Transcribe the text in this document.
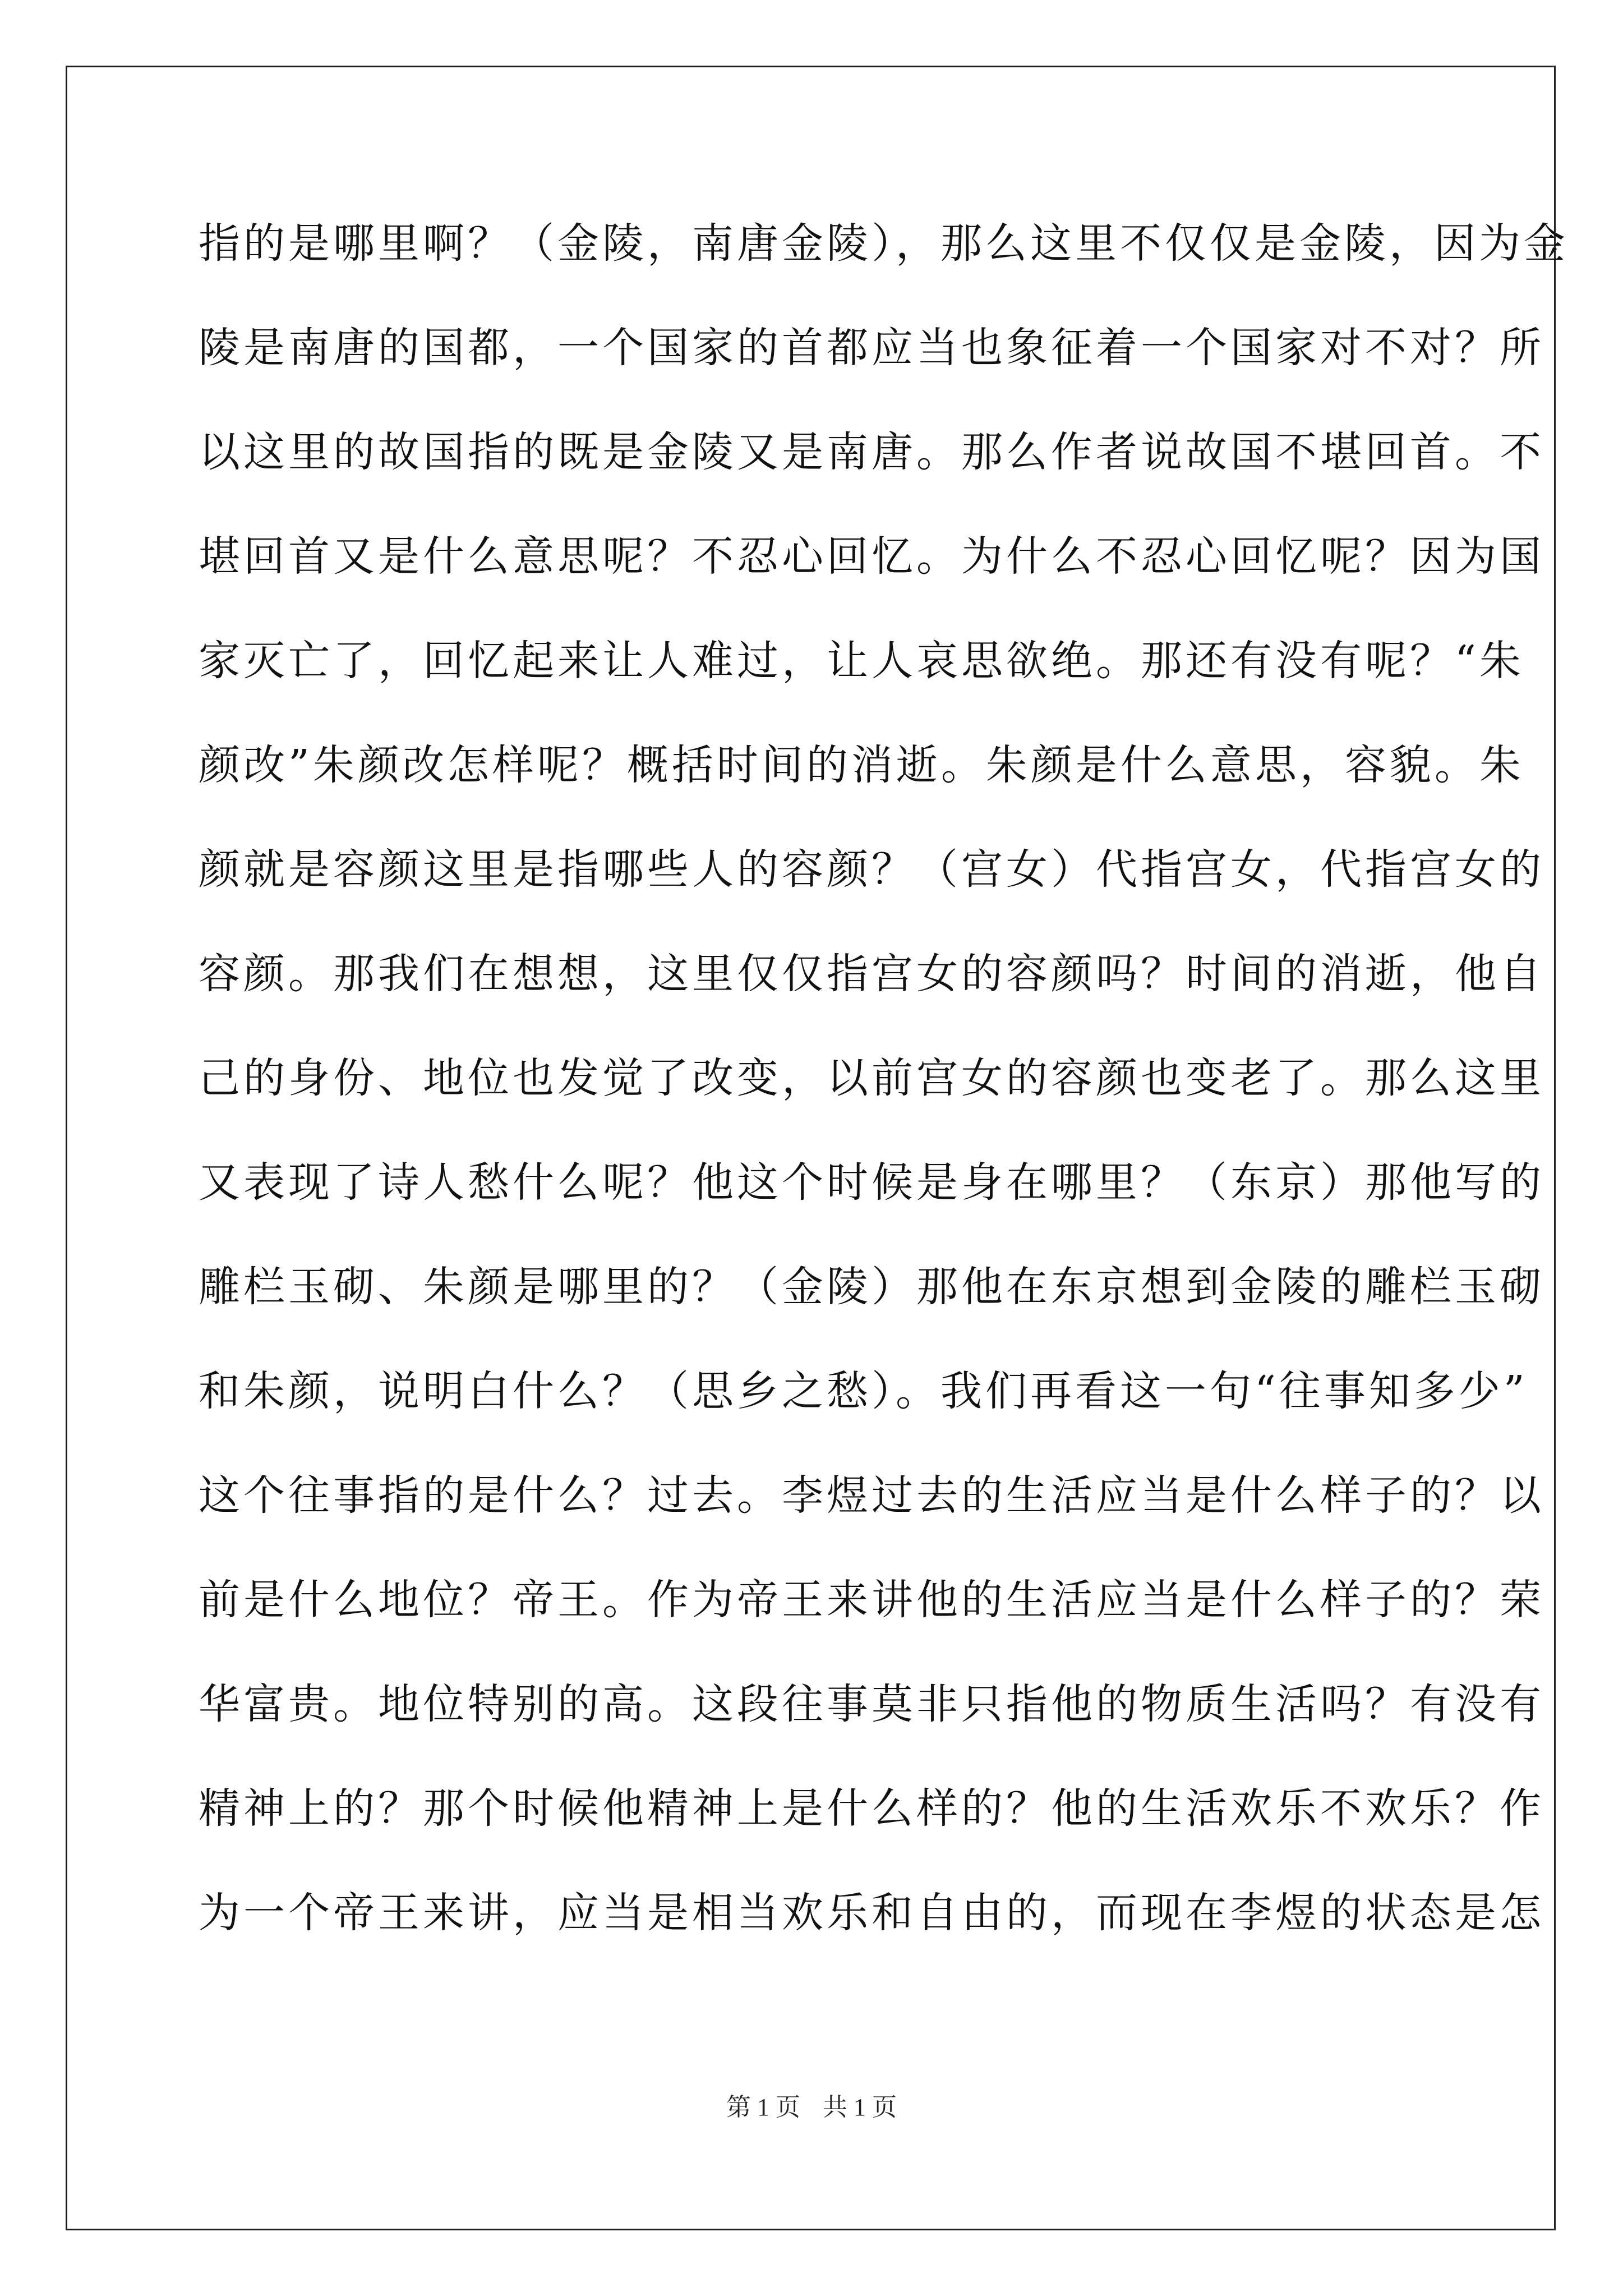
指的是哪里啊？（金陵，南唐金陵），那么这里不仅仅是金陵，因为金
陵是南唐的国都，一个国家的首都应当也象征着一个国家对不对？所
以这里的故国指的既是金陵又是南唐。那么作者说故国不堪回首。不
堪回首又是什么意思呢？不忍心回忆。为什么不忍心回忆呢？因为国
家灭亡了，回忆起来让人难过，让人哀思欲绝。那还有没有呢？“朱
颜改”朱颜改怎样呢？概括时间的消逝。朱颜是什么意思，容貌。朱
颜就是容颜这里是指哪些人的容颜？（宫女）代指宫女，代指宫女的
容颜。那我们在想想，这里仅仅指宫女的容颜吗？时间的消逝，他自
己的身份、地位也发觉了改变，以前宫女的容颜也变老了。那么这里
又表现了诗人愁什么呢？他这个时候是身在哪里？（东京）那他写的
雕栏玉砌、朱颜是哪里的？（金陵）那他在东京想到金陵的雕栏玉砌
和朱颜，说明白什么？（思乡之愁）。我们再看这一句“往事知多少”
这个往事指的是什么？过去。李煜过去的生活应当是什么样子的？以
前是什么地位？帝王。作为帝王来讲他的生活应当是什么样子的？荣
华富贵。地位特别的高。这段往事莫非只指他的物质生活吗？有没有
精神上的？那个时候他精神上是什么样的？他的生活欢乐不欢乐？作
为一个帝王来讲，应当是相当欢乐和自由的，而现在李煜的状态是怎
第 1 页 共 1 页
